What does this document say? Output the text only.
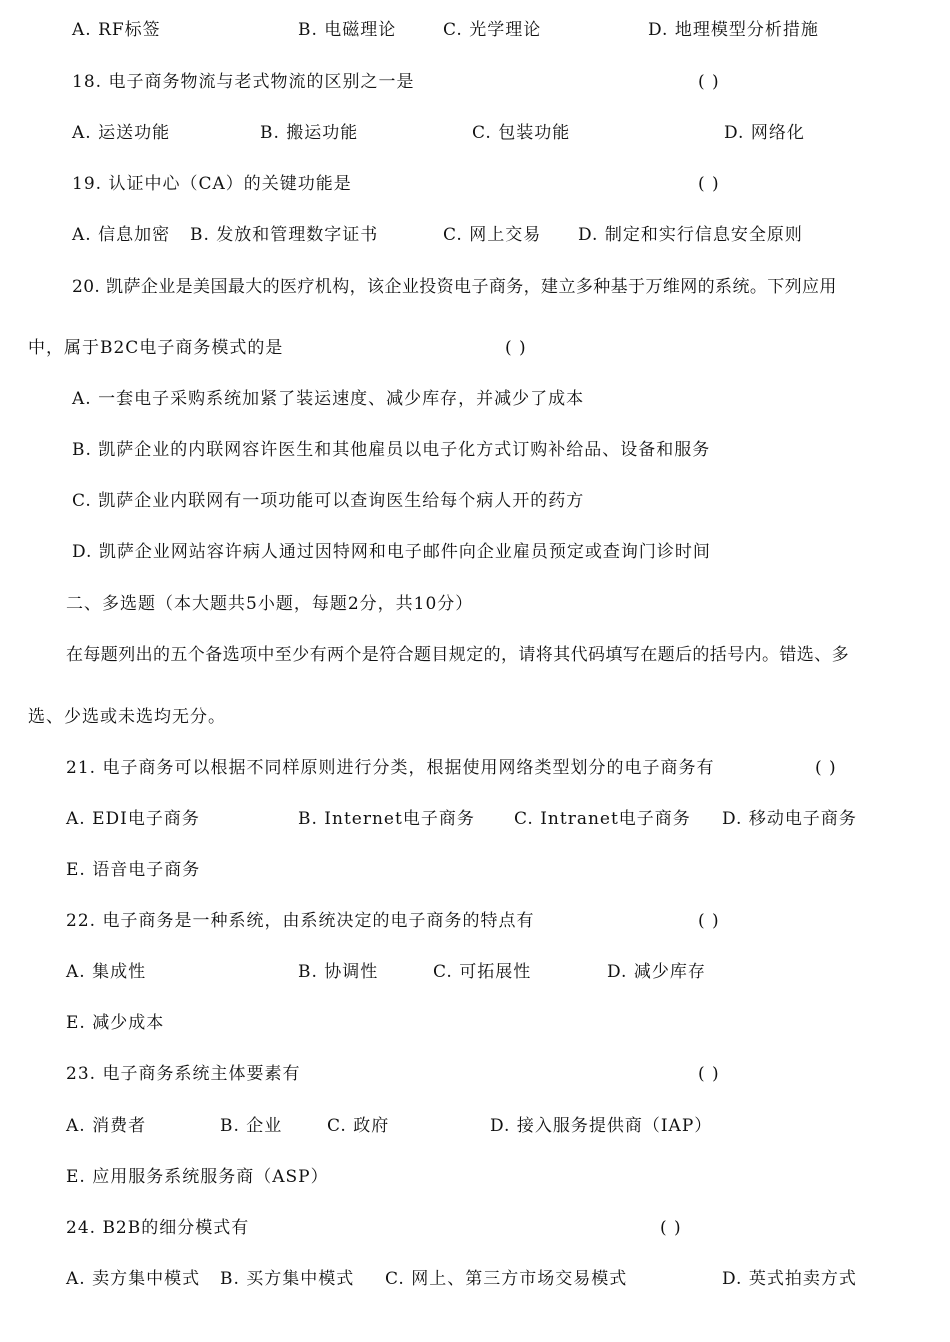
A. RF标签	B. 电磁理论	C. 光学理论	D. 地理模型分析措施
18. 电子商务物流与老式物流的区别之一是	( )
A. 运送功能	B. 搬运功能	C. 包装功能	D. 网络化
19. 认证中心（CA）的关键功能是	( )
A. 信息加密 B. 发放和管理数字证书	C. 网上交易 D. 制定和实行信息安全原则
20. 凯萨企业是美国最大的医疗机构，该企业投资电子商务，建立多种基于万维网的系统。下列应用
中，属于B2C电子商务模式的是	( )
A. 一套电子采购系统加紧了装运速度、减少库存，并减少了成本
B. 凯萨企业的内联网容许医生和其他雇员以电子化方式订购补给品、设备和服务
C. 凯萨企业内联网有一项功能可以查询医生给每个病人开的药方
D. 凯萨企业网站容许病人通过因特网和电子邮件向企业雇员预定或查询门诊时间
二、多选题（本大题共5小题，每题2分，共10分）
在每题列出的五个备选项中至少有两个是符合题目规定的，请将其代码填写在题后的括号内。错选、多
选、少选或未选均无分。
21. 电子商务可以根据不同样原则进行分类，根据使用网络类型划分的电子商务有	( )
A. EDI电子商务	B. Internet电子商务 C. Intranet电子商务 D. 移动电子商务
E. 语音电子商务
22. 电子商务是一种系统，由系统决定的电子商务的特点有	( )
A. 集成性	B. 协调性	C. 可拓展性	D. 减少库存
E. 减少成本
23. 电子商务系统主体要素有	( )
A. 消费者	B. 企业	C. 政府	D. 接入服务提供商（IAP）
E. 应用服务系统服务商（ASP）
24. B2B的细分模式有	( )
A. 卖方集中模式 B. 买方集中模式 C. 网上、第三方市场交易模式	D. 英式拍卖方式
